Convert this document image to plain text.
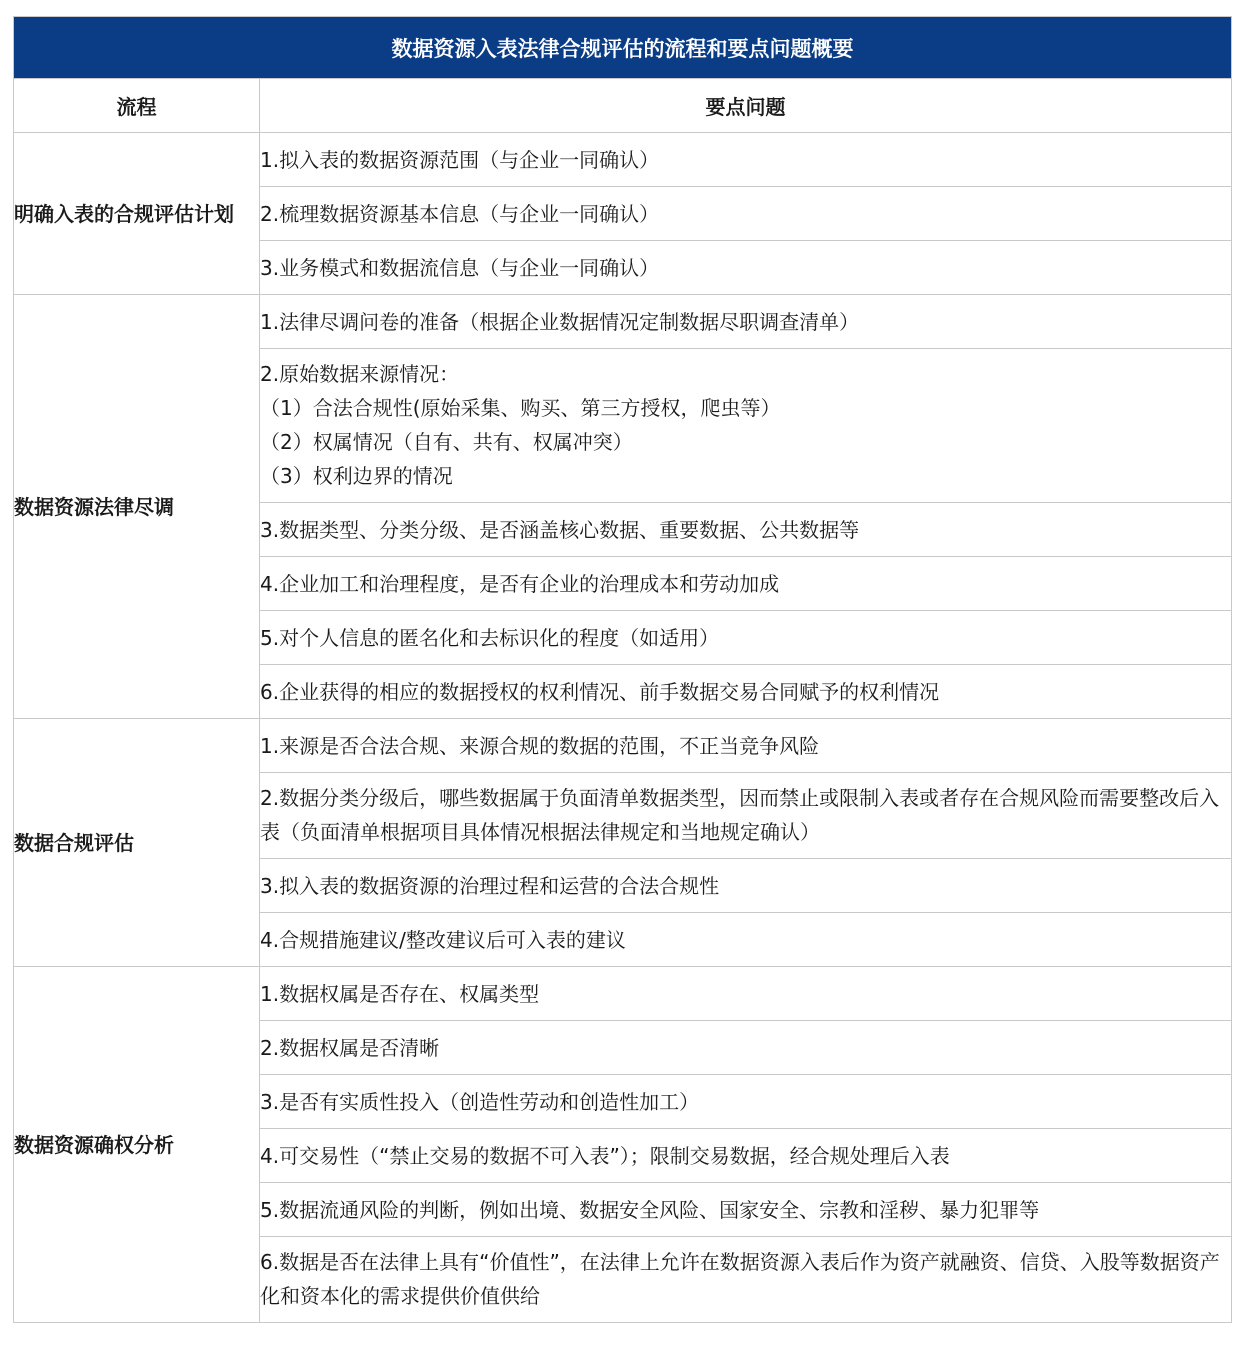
数据资源入表法律合规评估的流程和要点问题概要	
流程	要点问题
明确入表的合规评估计划	1.拟入表的数据资源范围（与企业一同确认）

	2.梳理数据资源基本信息（与企业一同确认）

	3.业务模式和数据流信息（与企业一同确认）

数据资源法律尽调	1.法律尽调问卷的准备（根据企业数据情况定制数据尽职调查清单）

	2.原始数据来源情况：
（1）合法合规性(原始采集、购买、第三方授权，爬虫等）
（2）权属情况（自有、共有、权属冲突）
（3）权利边界的情况

	3.数据类型、分类分级、是否涵盖核心数据、重要数据、公共数据等

	4.企业加工和治理程度，是否有企业的治理成本和劳动加成

	5.对个人信息的匿名化和去标识化的程度（如适用）

	6.企业获得的相应的数据授权的权利情况、前手数据交易合同赋予的权利情况

数据合规评估	1.来源是否合法合规、来源合规的数据的范围，不正当竞争风险

	2.数据分类分级后，哪些数据属于负面清单数据类型，因而禁止或限制入表或者存在合规风险而需要整改后入表（负面清单根据项目具体情况根据法律规定和当地规定确认）

	3.拟入表的数据资源的治理过程和运营的合法合规性

	4.合规措施建议/整改建议后可入表的建议

数据资源确权分析	1.数据权属是否存在、权属类型

	2.数据权属是否清晰

	3.是否有实质性投入（创造性劳动和创造性加工）

	4.可交易性（“禁止交易的数据不可入表”）；限制交易数据，经合规处理后入表

	5.数据流通风险的判断，例如出境、数据安全风险、国家安全、宗教和淫秽、暴力犯罪等

	6.数据是否在法律上具有“价值性”，在法律上允许在数据资源入表后作为资产就融资、信贷、入股等数据资产化和资本化的需求提供价值供给
